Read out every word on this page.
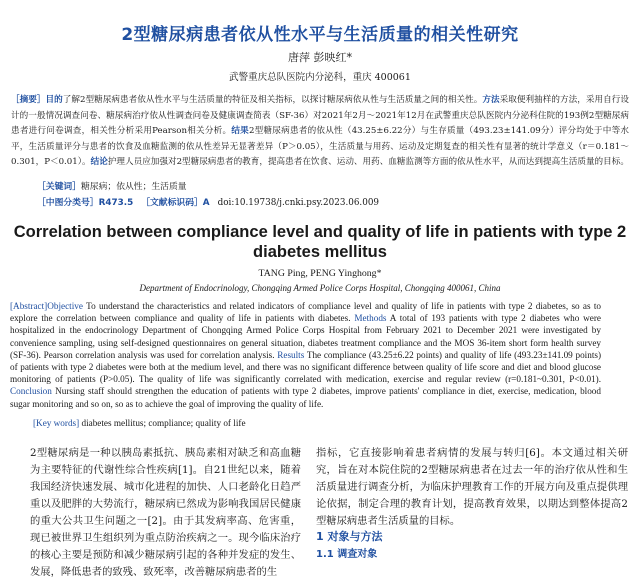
2型糖尿病患者依从性水平与生活质量的相关性研究
唐萍 彭映红*
武警重庆总队医院内分泌科，重庆 400061
［摘要］目的了解2型糖尿病患者依从性水平与生活质量的特征及相关指标，以探讨糖尿病依从性与生活质量之间的相关性。方法采取便利抽样的方法，采用自行设计的一般情况调查问卷、糖尿病治疗依从性调查问卷及健康调查简表（SF-36）对2021年2月～2021年12月在武警重庆总队医院内分泌科住院的193例2型糖尿病患者进行问卷调查，相关性分析采用Pearson相关分析。结果2型糖尿病患者的依从性（43.25±6.22分）与生存质量（493.23±141.09分）评分均处于中等水平，生活质量评分与患者的饮食及血糖监测的依从性差异无显著差异（P＞0.05），生活质量与用药、运动及定期复查的相关性有显著的统计学意义（r＝0.181～0.301，P＜0.01）。结论护理人员应加强对2型糖尿病患者的教育，提高患者在饮食、运动、用药、血糖监测等方面的依从性水平，从而达到提高生活质量的目标。
［关键词］糖尿病；依从性；生活质量
［中图分类号］R473.5 ［文献标识码］A doi:10.19738/j.cnki.psy.2023.06.009
Correlation between compliance level and quality of life in patients with type 2 diabetes mellitus
TANG Ping, PENG Yinghong*
Department of Endocrinology, Chongqing Armed Police Corps Hospital, Chongqing 400061, China
[Abstract]Objective To understand the characteristics and related indicators of compliance level and quality of life in patients with type 2 diabetes, so as to explore the correlation between compliance and quality of life in patients with diabetes. Methods A total of 193 patients with type 2 diabetes who were hospitalized in the endocrinology Department of Chongqing Armed Police Corps Hospital from February 2021 to December 2021 were investigated by convenience sampling, using self-designed questionnaires on general situation, diabetes treatment compliance and the MOS 36-item short form health survey (SF-36). Pearson correlation analysis was used for correlation analysis. Results The compliance (43.25±6.22 points) and quality of life (493.23±141.09 points) of patients with type 2 diabetes were both at the medium level, and there was no significant difference between quality of life score and diet and blood glucose monitoring of patients (P>0.05). The quality of life was significantly correlated with medication, exercise and regular review (r=0.181~0.301, P<0.01). Conclusion Nursing staff should strengthen the education of patients with type 2 diabetes, improve patients' compliance in diet, exercise, medication, blood sugar monitoring and so on, so as to achieve the goal of improving the quality of life.
[Key words] diabetes mellitus; compliance; quality of life
2型糖尿病是一种以胰岛素抵抗、胰岛素相对缺乏和高血糖为主要特征的代谢性综合性疾病[1]。自21世纪以来，随着我国经济快速发展、城市化进程的加快、人口老龄化日趋严重以及肥胖的大势流行，糖尿病已然成为影响我国居民健康的重大公共卫生问题之一[2]。由于其发病率高、危害重，现已被世界卫生组织列为重点防治疾病之一。现今临床治疗的核心主要是预防和减少糖尿病引起的各种并发症的发生、发展，降低患者的致残、致死率，改善糖尿病患者的生
指标，它直接影响着患者病情的发展与转归[6]。本文通过相关研究，旨在对本院住院的2型糖尿病患者在过去一年的治疗依从性和生活质量进行调查分析，为临床护理教育工作的开展方向及重点提供理论依据，制定合理的教育计划，提高教育效果，以期达到整体提高2型糖尿病患者生活质量的目标。
1 对象与方法
1.1 调查对象
